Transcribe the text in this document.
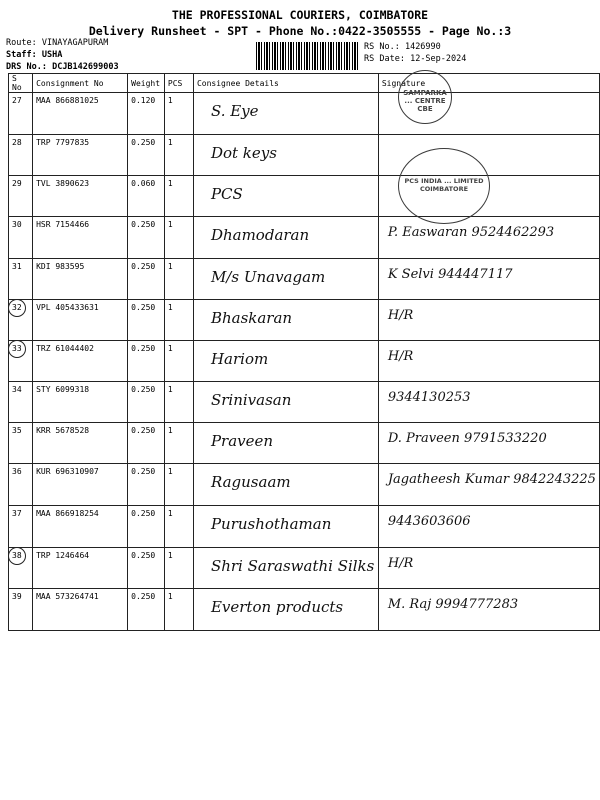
THE PROFESSIONAL COURIERS, COIMBATORE
Delivery Runsheet - SPT - Phone No.:0422-3505555 - Page No.:3
Route: VINAYAGAPURAM
Staff: USHA
DRS No.: DCJB142699003
RS No.: 1426990
RS Date: 12-Sep-2024
S No	Consignment No	Weight	PCS	Consignee Details	Signature
27	MAA 866881025	0.120	1	S. Eye	

28	TRP 7797835	0.250	1	Dot keys	

29	TVL 3890623	0.060	1	PCS	

30	HSR 7154466	0.250	1	Dhamodaran	P. Easwaran 9524462293

31	KDI 983595	0.250	1	M/s Unavagam	K Selvi 944447117

32	VPL 405433631	0.250	1	Bhaskaran	H/R

33	TRZ 61044402	0.250	1	Hariom	H/R

34	STY 6099318	0.250	1	Srinivasan	9344130253

35	KRR 5678528	0.250	1	Praveen	D. Praveen 9791533220

36	KUR 696310907	0.250	1	Ragusaam	Jagatheesh Kumar 9842243225

37	MAA 866918254	0.250	1	Purushothaman	9443603606

38	TRP 1246464	0.250	1	Shri Saraswathi Silks	H/R

39	MAA 573264741	0.250	1	Everton products	M. Raj 9994777283
SAMPARKA ... CENTRE CBE
PCS INDIA ... LIMITED COIMBATORE
